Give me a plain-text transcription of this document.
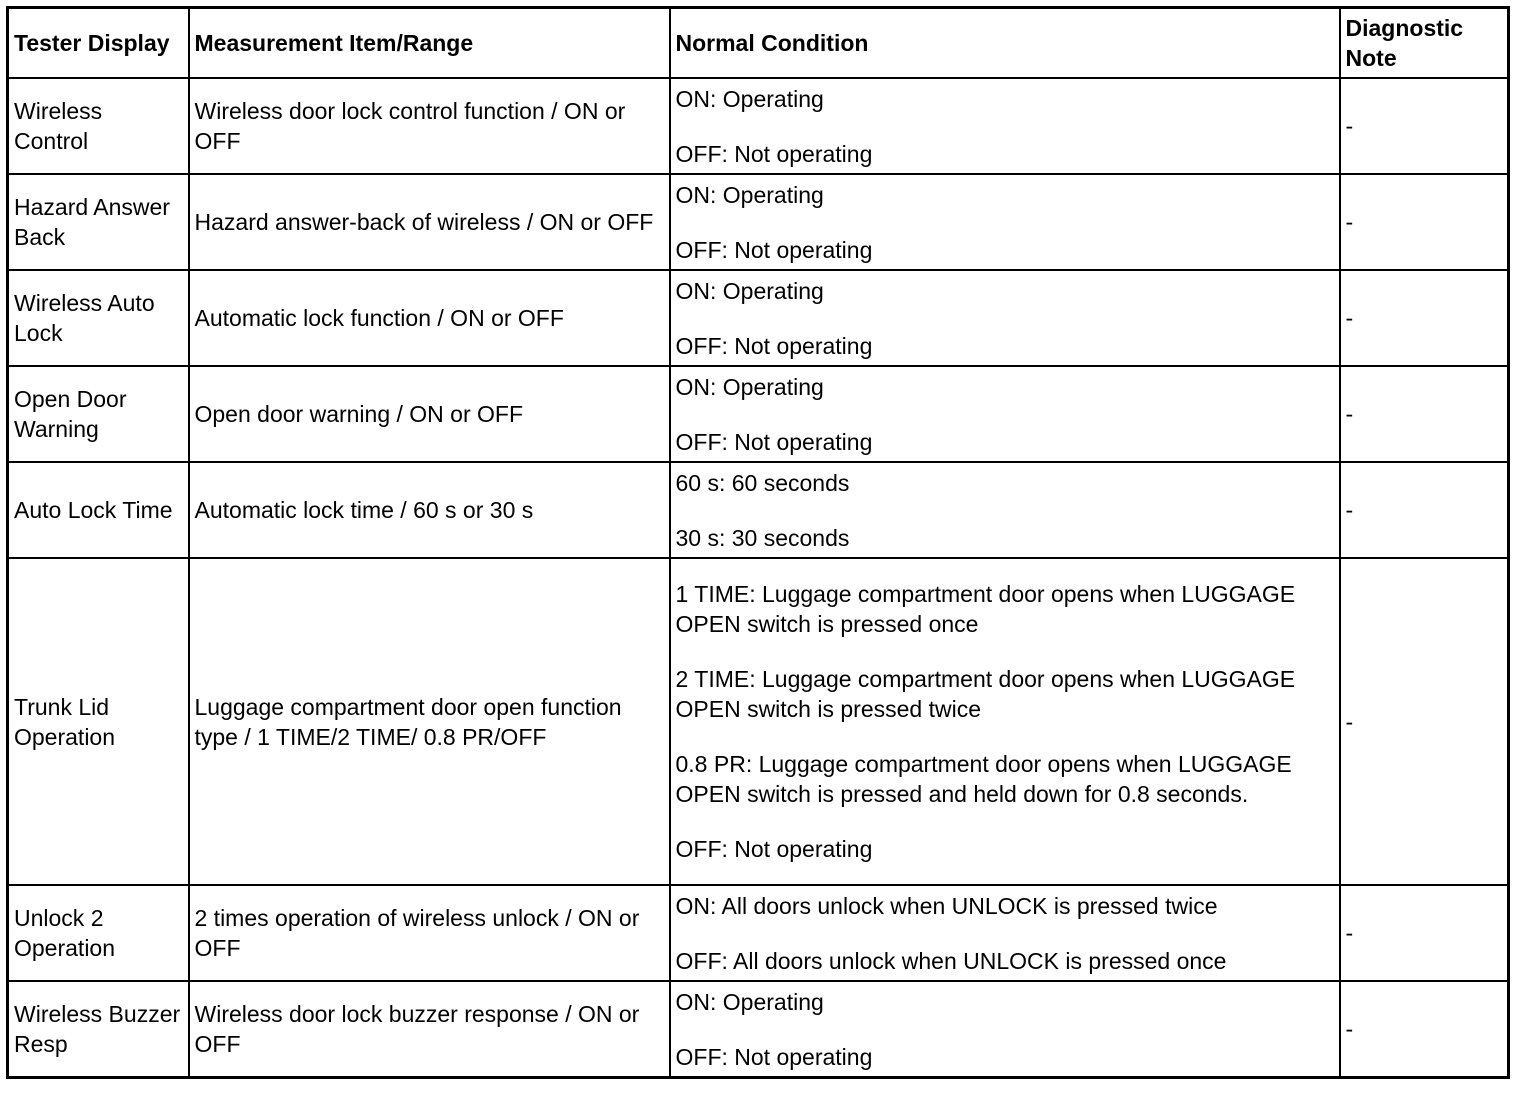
Tester Display	Measurement Item/Range	Normal Condition	Diagnostic Note
Wireless Control	Wireless door lock control function / ON or OFF	ON: Operating

OFF: Not operating	-
Hazard Answer Back	Hazard answer-back of wireless / ON or OFF	ON: Operating

OFF: Not operating	-
Wireless Auto Lock	Automatic lock function / ON or OFF	ON: Operating

OFF: Not operating	-
Open Door Warning	Open door warning / ON or OFF	ON: Operating

OFF: Not operating	-
Auto Lock Time	Automatic lock time / 60 s or 30 s	60 s: 60 seconds

30 s: 30 seconds	-
Trunk Lid Operation	Luggage compartment door open function type / 1 TIME/2 TIME/ 0.8 PR/OFF	1 TIME: Luggage compartment door opens when LUGGAGE OPEN switch is pressed once

2 TIME: Luggage compartment door opens when LUGGAGE OPEN switch is pressed twice

0.8 PR: Luggage compartment door opens when LUGGAGE OPEN switch is pressed and held down for 0.8 seconds.

OFF: Not operating	-
Unlock 2 Operation	2 times operation of wireless unlock / ON or OFF	ON: All doors unlock when UNLOCK is pressed twice

OFF: All doors unlock when UNLOCK is pressed once	-
Wireless Buzzer Resp	Wireless door lock buzzer response / ON or OFF	ON: Operating

OFF: Not operating	-
